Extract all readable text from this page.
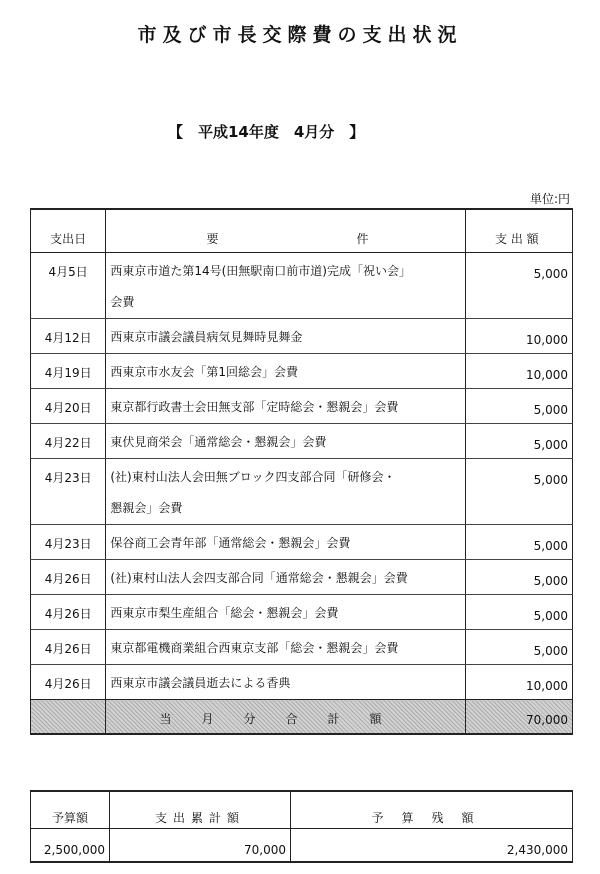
市及び市長交際費の支出状況
【　平成14年度　4月分　】
単位:円
支出日	要 件	支 出 額

4月5日	西東京市道た第14号(田無駅南口前市道)完成「祝い会」
会費	5,000

4月12日	西東京市議会議員病気見舞時見舞金	10,000

4月19日	西東京市水友会「第1回総会」会費	10,000

4月20日	東京都行政書士会田無支部「定時総会・懇親会」会費	5,000

4月22日	東伏見商栄会「通常総会・懇親会」会費	5,000

4月23日	(社)東村山法人会田無ブロック四支部合同「研修会・
懇親会」会費	5,000

4月23日	保谷商工会青年部「通常総会・懇親会」会費	5,000

4月26日	(社)東村山法人会四支部合同「通常総会・懇親会」会費	5,000

4月26日	西東京市梨生産組合「総会・懇親会」会費	5,000

4月26日	東京都電機商業組合西東京支部「総会・懇親会」会費	5,000

4月26日	西東京市議会議員逝去による香典	10,000

	当月分合計額	70,000
予算額	支出累計額	予算残額
2,500,000	70,000	2,430,000
